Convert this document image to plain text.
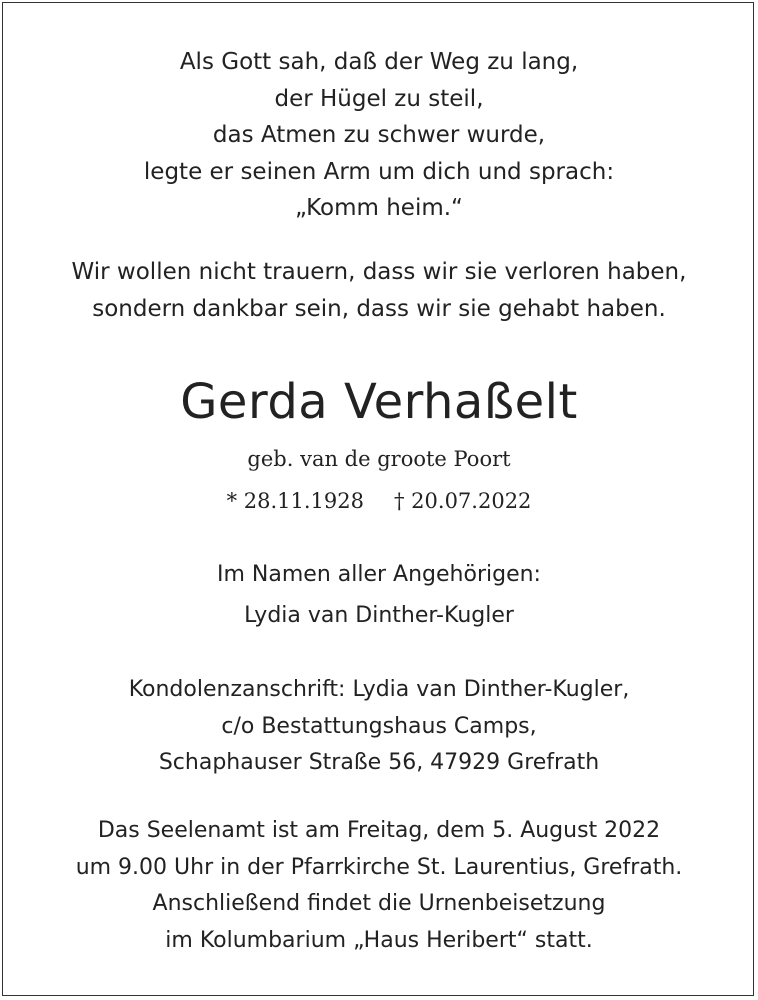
Als Gott sah, daß der Weg zu lang,
der Hügel zu steil,
das Atmen zu schwer wurde,
legte er seinen Arm um dich und sprach:
„Komm heim.“
Wir wollen nicht trauern, dass wir sie verloren haben,
sondern dankbar sein, dass wir sie gehabt haben.
Gerda Verhaßelt
geb. van de groote Poort
* 28.11.1928 † 20.07.2022
Im Namen aller Angehörigen:
Lydia van Dinther-Kugler
Kondolenzanschrift: Lydia van Dinther-Kugler,
c/o Bestattungshaus Camps,
Schaphauser Straße 56, 47929 Grefrath
Das Seelenamt ist am Freitag, dem 5. August 2022
um 9.00 Uhr in der Pfarrkirche St. Laurentius, Grefrath.
Anschließend findet die Urnenbeisetzung
im Kolumbarium „Haus Heribert“ statt.
